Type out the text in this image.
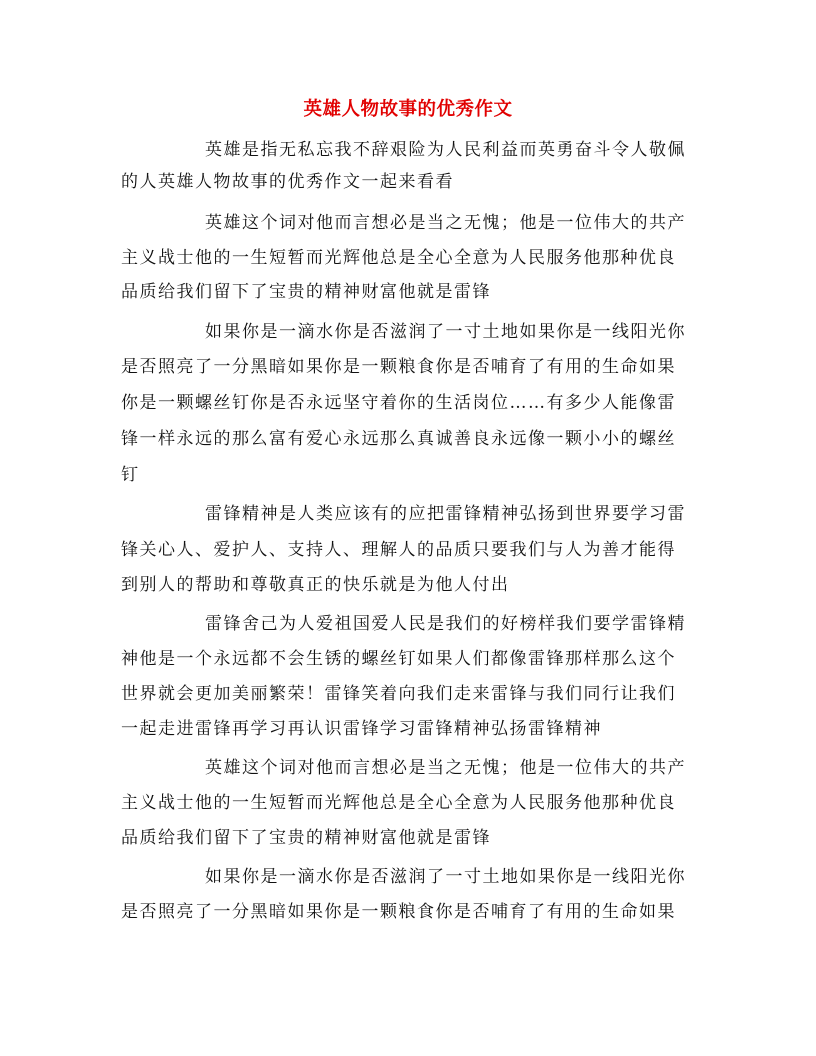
英雄人物故事的优秀作文
英雄是指无私忘我不辞艰险为人民利益而英勇奋斗令人敬佩
的人英雄人物故事的优秀作文一起来看看
英雄这个词对他而言想必是当之无愧；他是一位伟大的共产
主义战士他的一生短暂而光辉他总是全心全意为人民服务他那种优良
品质给我们留下了宝贵的精神财富他就是雷锋
如果你是一滴水你是否滋润了一寸土地如果你是一线阳光你
是否照亮了一分黑暗如果你是一颗粮食你是否哺育了有用的生命如果
你是一颗螺丝钉你是否永远坚守着你的生活岗位……有多少人能像雷
锋一样永远的那么富有爱心永远那么真诚善良永远像一颗小小的螺丝
钉
雷锋精神是人类应该有的应把雷锋精神弘扬到世界要学习雷
锋关心人、爱护人、支持人、理解人的品质只要我们与人为善才能得
到别人的帮助和尊敬真正的快乐就是为他人付出
雷锋舍己为人爱祖国爱人民是我们的好榜样我们要学雷锋精
神他是一个永远都不会生锈的螺丝钉如果人们都像雷锋那样那么这个
世界就会更加美丽繁荣！雷锋笑着向我们走来雷锋与我们同行让我们
一起走进雷锋再学习再认识雷锋学习雷锋精神弘扬雷锋精神
英雄这个词对他而言想必是当之无愧；他是一位伟大的共产
主义战士他的一生短暂而光辉他总是全心全意为人民服务他那种优良
品质给我们留下了宝贵的精神财富他就是雷锋
如果你是一滴水你是否滋润了一寸土地如果你是一线阳光你
是否照亮了一分黑暗如果你是一颗粮食你是否哺育了有用的生命如果
